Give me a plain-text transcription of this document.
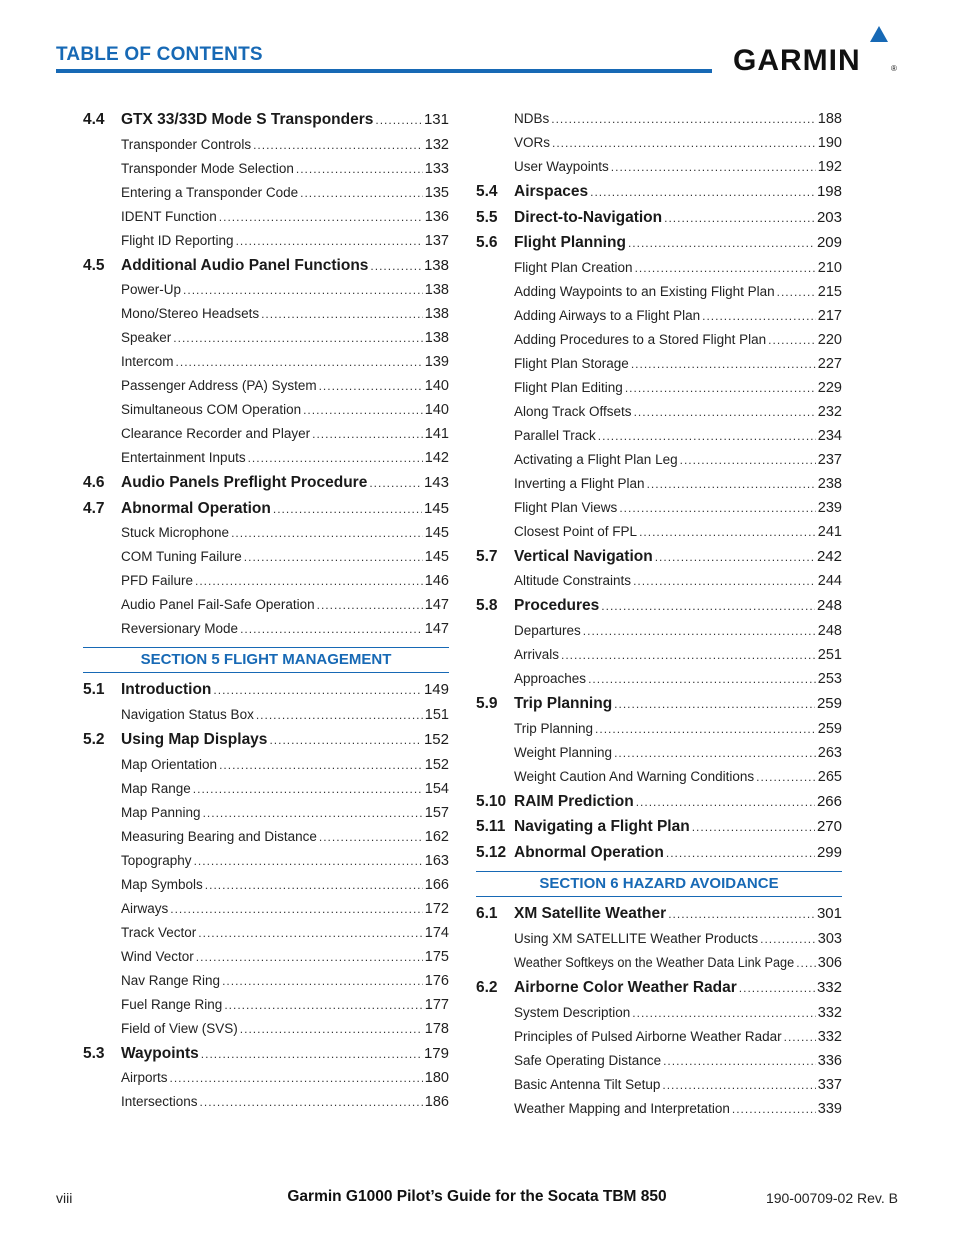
TABLE OF CONTENTS	GARMIN	®
4.4	GTX 33/33D Mode S Transponders .....	131
Transponder Controls .....	132
Transponder Mode Selection .....	133
Entering a Transponder Code .....	135
IDENT Function .....	136
Flight ID Reporting .....	137
4.5	Additional Audio Panel Functions .....	138
Power-Up .....	138
Mono/Stereo Headsets .....	138
Speaker .....	138
Intercom .....	139
Passenger Address (PA) System .....	140
Simultaneous COM Operation .....	140
Clearance Recorder and Player .....	141
Entertainment Inputs .....	142
4.6	Audio Panels Preflight Procedure .....	143
4.7	Abnormal Operation .....	145
Stuck Microphone .....	145
COM Tuning Failure .....	145
PFD Failure .....	146
Audio Panel Fail-Safe Operation .....	147
Reversionary Mode .....	147
SECTION 5 FLIGHT MANAGEMENT
5.1	Introduction .....	149
Navigation Status Box .....	151
5.2	Using Map Displays .....	152
Map Orientation .....	152
Map Range .....	154
Map Panning .....	157
Measuring Bearing and Distance .....	162
Topography .....	163
Map Symbols .....	166
Airways .....	172
Track Vector .....	174
Wind Vector .....	175
Nav Range Ring .....	176
Fuel Range Ring .....	177
Field of View (SVS) .....	178
5.3	Waypoints .....	179
Airports .....	180
Intersections .....	186
NDBs .....	188
VORs .....	190
User Waypoints .....	192
5.4	Airspaces .....	198
5.5	Direct-to-Navigation .....	203
5.6	Flight Planning .....	209
Flight Plan Creation .....	210
Adding Waypoints to an Existing Flight Plan .....	215
Adding Airways to a Flight Plan .....	217
Adding Procedures to a Stored Flight Plan .....	220
Flight Plan Storage .....	227
Flight Plan Editing .....	229
Along Track Offsets .....	232
Parallel Track .....	234
Activating a Flight Plan Leg .....	237
Inverting a Flight Plan .....	238
Flight Plan Views .....	239
Closest Point of FPL .....	241
5.7	Vertical Navigation .....	242
Altitude Constraints .....	244
5.8	Procedures .....	248
Departures .....	248
Arrivals .....	251
Approaches .....	253
5.9	Trip Planning .....	259
Trip Planning .....	259
Weight Planning .....	263
Weight Caution And Warning Conditions .....	265
5.10 RAIM Prediction .....	266
5.11 Navigating a Flight Plan .....	270
5.12 Abnormal Operation .....	299
SECTION 6 HAZARD AVOIDANCE
6.1	XM Satellite Weather .....	301
Using XM SATELLITE Weather Products .....	303
Weather Softkeys on the Weather Data Link Page ..... 306
6.2	Airborne Color Weather Radar .....	332
System Description .....	332
Principles of Pulsed Airborne Weather Radar ..... 332
Safe Operating Distance .....	336
Basic Antenna Tilt Setup .....	337
Weather Mapping and Interpretation .....	339
viii	Garmin G1000 Pilot’s Guide for the Socata TBM 850	190-00709-02 Rev. B
